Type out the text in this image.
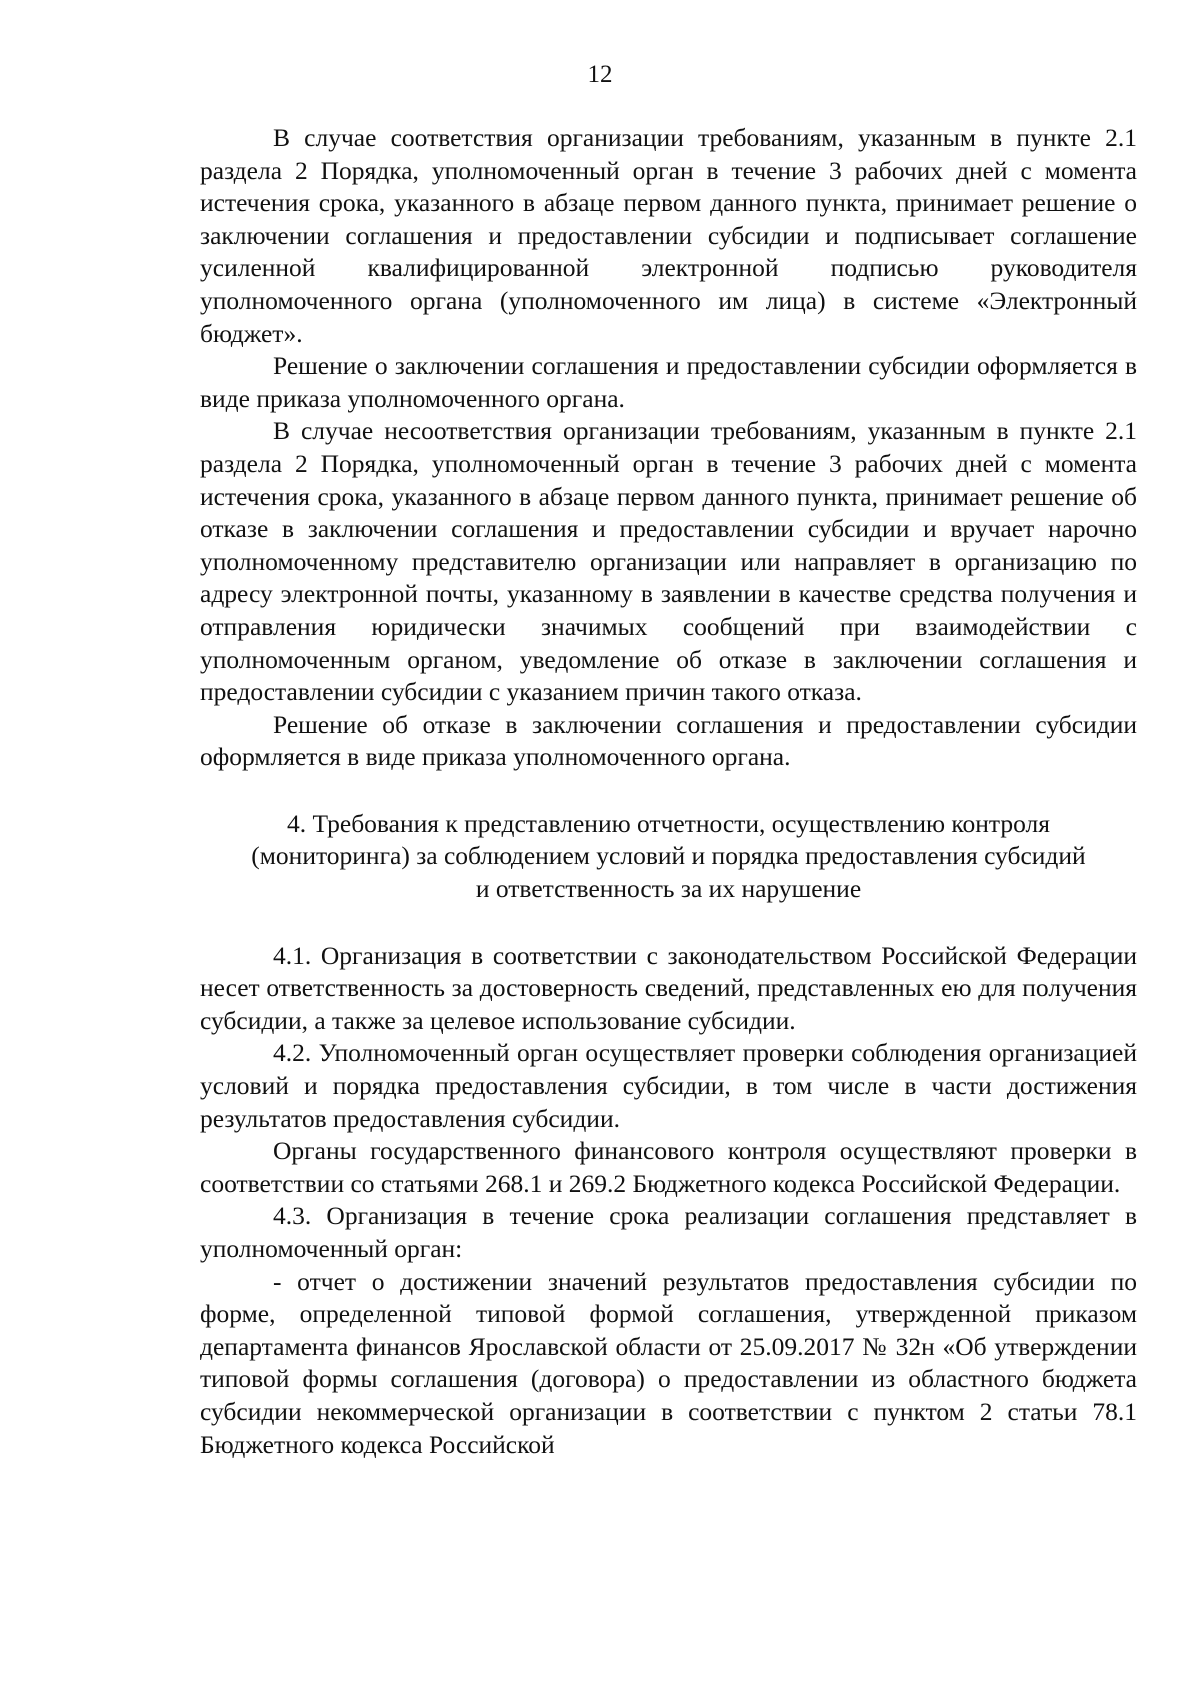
12

В случае соответствия организации требованиям, указанным в пункте 2.1 раздела 2 Порядка, уполномоченный орган в течение 3 рабочих дней с момента истечения срока, указанного в абзаце первом данного пункта, принимает решение о заключении соглашения и предоставлении субсидии и подписывает соглашение усиленной квалифицированной электронной подписью руководителя уполномоченного органа (уполномоченного им лица) в системе «Электронный бюджет».

Решение о заключении соглашения и предоставлении субсидии оформляется в виде приказа уполномоченного органа.

В случае несоответствия организации требованиям, указанным в пункте 2.1 раздела 2 Порядка, уполномоченный орган в течение 3 рабочих дней с момента истечения срока, указанного в абзаце первом данного пункта, принимает решение об отказе в заключении соглашения и предоставлении субсидии и вручает нарочно уполномоченному представителю организации или направляет в организацию по адресу электронной почты, указанному в заявлении в качестве средства получения и отправления юридически значимых сообщений при взаимодействии с уполномоченным органом, уведомление об отказе в заключении соглашения и предоставлении субсидии с указанием причин такого отказа.

Решение об отказе в заключении соглашения и предоставлении субсидии оформляется в виде приказа уполномоченного органа.

4. Требования к представлению отчетности, осуществлению контроля
(мониторинга) за соблюдением условий и порядка предоставления субсидий
и ответственность за их нарушение

4.1. Организация в соответствии с законодательством Российской Федерации несет ответственность за достоверность сведений, представленных ею для получения субсидии, а также за целевое использование субсидии.

4.2. Уполномоченный орган осуществляет проверки соблюдения организацией условий и порядка предоставления субсидии, в том числе в части достижения результатов предоставления субсидии.

Органы государственного финансового контроля осуществляют проверки в соответствии со статьями 268.1 и 269.2 Бюджетного кодекса Российской Федерации.

4.3. Организация в течение срока реализации соглашения представляет в уполномоченный орган:

- отчет о достижении значений результатов предоставления субсидии по форме, определенной типовой формой соглашения, утвержденной приказом департамента финансов Ярославской области от 25.09.2017 № 32н «Об утверждении типовой формы соглашения (договора) о предоставлении из областного бюджета субсидии некоммерческой организации в соответствии с пунктом 2 статьи 78.1 Бюджетного кодекса Российской
